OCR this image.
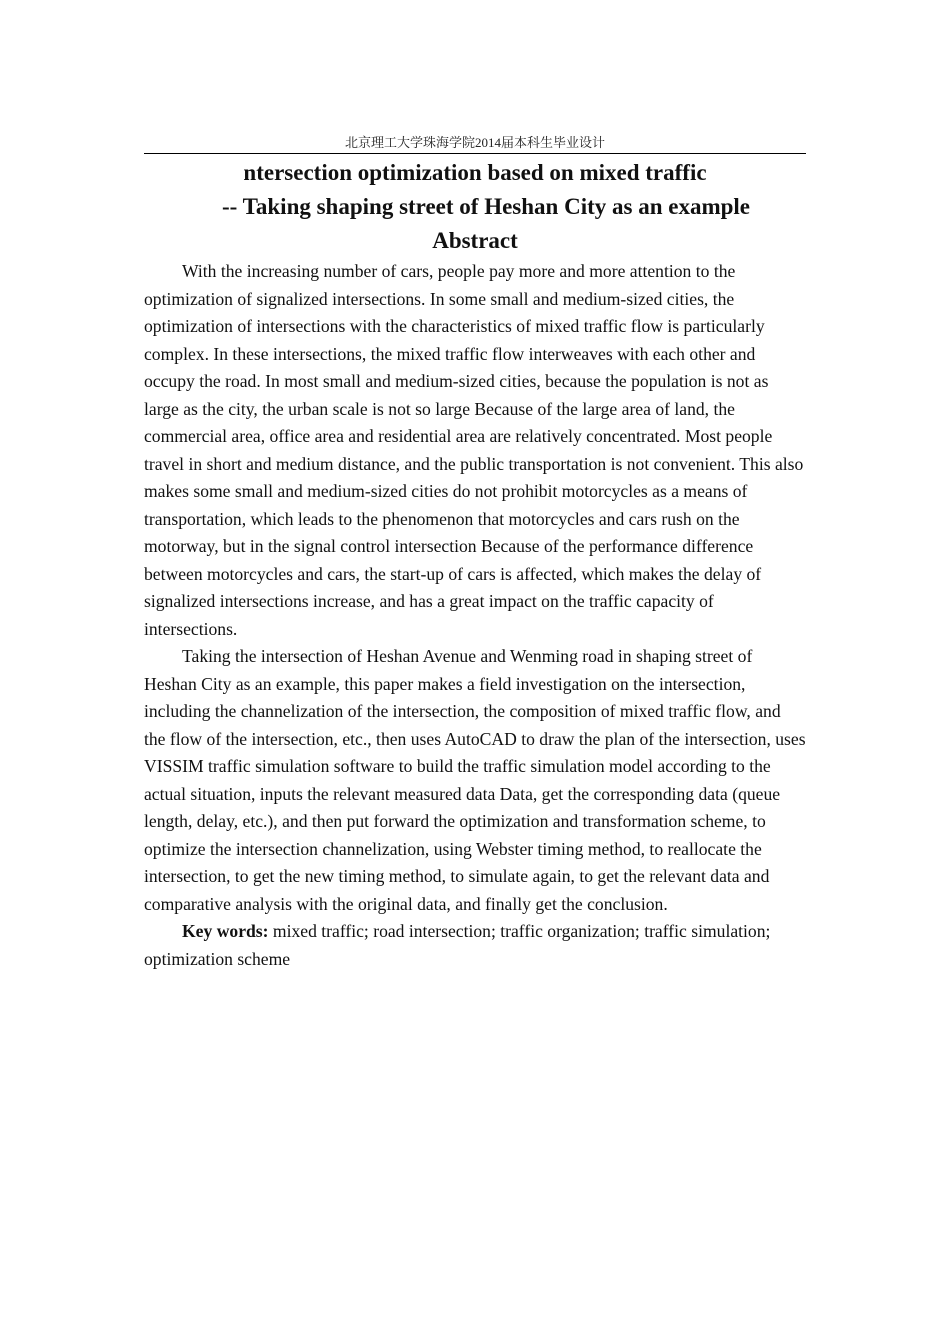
北京理工大学珠海学院2014届本科生毕业设计
ntersection optimization based on mixed traffic
-- Taking shaping street of Heshan City as an example
Abstract

With the increasing number of cars, people pay more and more attention to the optimization of signalized intersections. In some small and medium-sized cities, the optimization of intersections with the characteristics of mixed traffic flow is particularly complex. In these intersections, the mixed traffic flow interweaves with each other and occupy the road. In most small and medium-sized cities, because the population is not as large as the city, the urban scale is not so large Because of the large area of land, the commercial area, office area and residential area are relatively concentrated. Most people travel in short and medium distance, and the public transportation is not convenient. This also makes some small and medium-sized cities do not prohibit motorcycles as a means of transportation, which leads to the phenomenon that motorcycles and cars rush on the motorway, but in the signal control intersection Because of the performance difference between motorcycles and cars, the start-up of cars is affected, which makes the delay of signalized intersections increase, and has a great impact on the traffic capacity of intersections.

Taking the intersection of Heshan Avenue and Wenming road in shaping street of Heshan City as an example, this paper makes a field investigation on the intersection, including the channelization of the intersection, the composition of mixed traffic flow, and the flow of the intersection, etc., then uses AutoCAD to draw the plan of the intersection, uses VISSIM traffic simulation software to build the traffic simulation model according to the actual situation, inputs the relevant measured data Data, get the corresponding data (queue length, delay, etc.), and then put forward the optimization and transformation scheme, to optimize the intersection channelization, using Webster timing method, to reallocate the intersection, to get the new timing method, to simulate again, to get the relevant data and comparative analysis with the original data, and finally get the conclusion.

Key words: mixed traffic; road intersection; traffic organization; traffic simulation; optimization scheme
